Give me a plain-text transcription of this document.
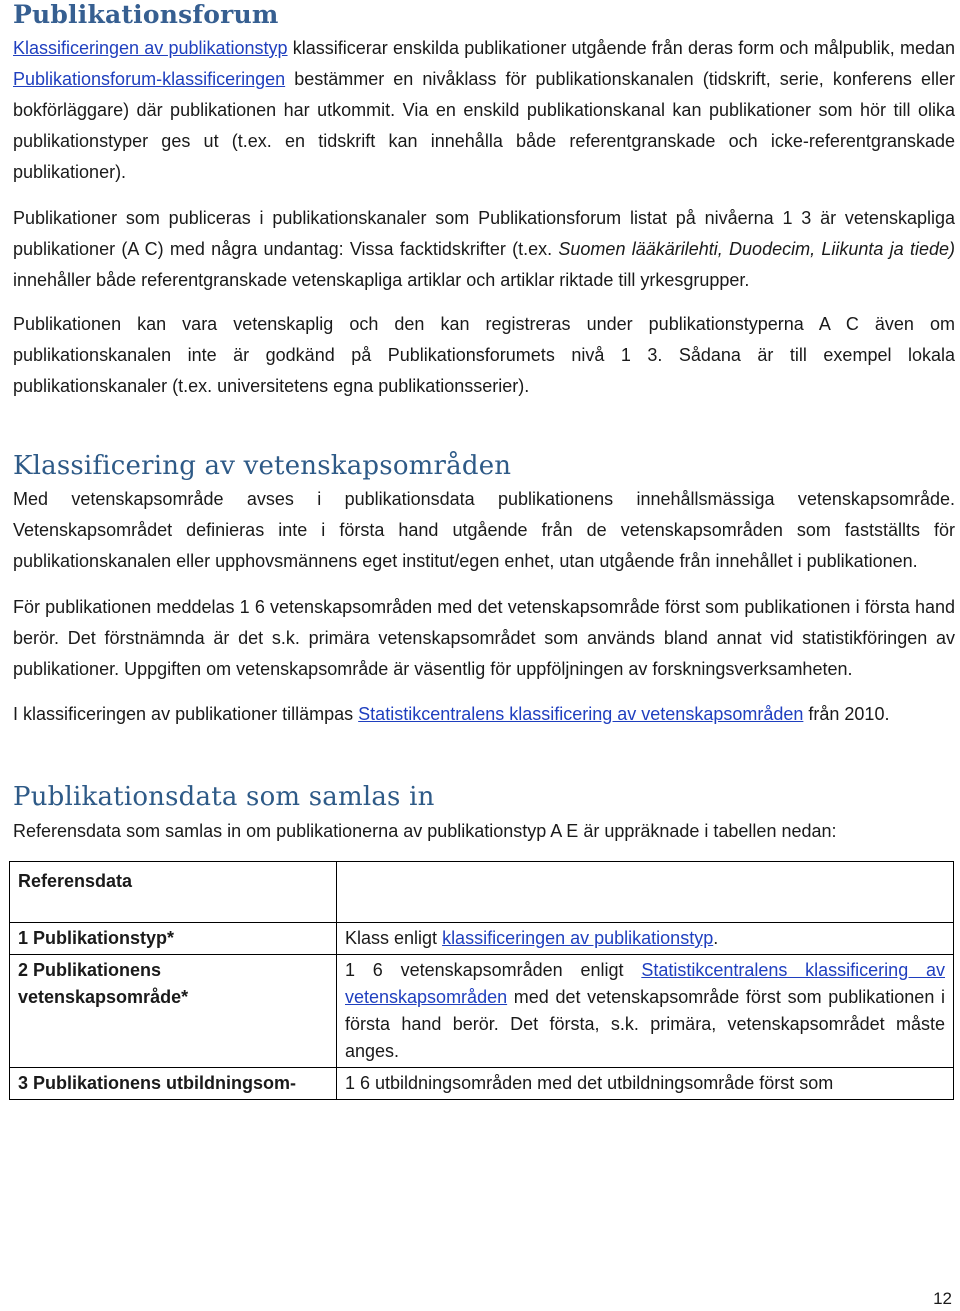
Publikationsforum

Klassificeringen av publikationstyp klassificerar enskilda publikationer utgående från deras form och målpublik, medan Publikationsforum-klassificeringen bestämmer en nivåklass för publikationskanalen (tidskrift, serie, konferens eller bokförläggare) där publikationen har utkommit. Via en enskild publikationskanal kan publikationer som hör till olika publikationstyper ges ut (t.ex. en tidskrift kan innehålla både referentgranskade och icke-referentgranskade publikationer).

Publikationer som publiceras i publikationskanaler som Publikationsforum listat på nivåerna 1 3 är vetenskapliga publikationer (A C) med några undantag: Vissa facktidskrifter (t.ex. Suomen lääkärilehti, Duodecim, Liikunta ja tiede) innehåller både referentgranskade vetenskapliga artiklar och artiklar riktade till yrkesgrupper.

Publikationen kan vara vetenskaplig och den kan registreras under publikationstyperna A C även om publikationskanalen inte är godkänd på Publikationsforumets nivå 1 3. Sådana är till exempel lokala publikationskanaler (t.ex. universitetens egna publikationsserier).

Klassificering av vetenskapsområden

Med vetenskapsområde avses i publikationsdata publikationens innehållsmässiga vetenskapsområde. Vetenskapsområdet definieras inte i första hand utgående från de vetenskapsområden som fastställts för publikationskanalen eller upphovsmännens eget institut/egen enhet, utan utgående från innehållet i publikationen.

För publikationen meddelas 1 6 vetenskapsområden med det vetenskapsområde först som publikationen i första hand berör. Det förstnämnda är det s.k. primära vetenskapsområdet som används bland annat vid statistikföringen av publikationer. Uppgiften om vetenskapsområde är väsentlig för uppföljningen av forskningsverksamheten.

I klassificeringen av publikationer tillämpas Statistikcentralens klassificering av vetenskapsområden från 2010.

Publikationsdata som samlas in

Referensdata som samlas in om publikationerna av publikationstyp A E är uppräknade i tabellen nedan:

Referensdata	
1 Publikationstyp*	Klass enligt klassificeringen av publikationstyp.
2 Publikationens vetenskapsområde*	1 6 vetenskapsområden enligt Statistikcentralens klassificering av vetenskapsområden med det vetenskapsområde först som publikationen i första hand berör. Det första, s.k. primära, vetenskapsområdet måste anges.
3 Publikationens utbildningsom-	1 6 utbildningsområden med det utbildningsområde först som
12
